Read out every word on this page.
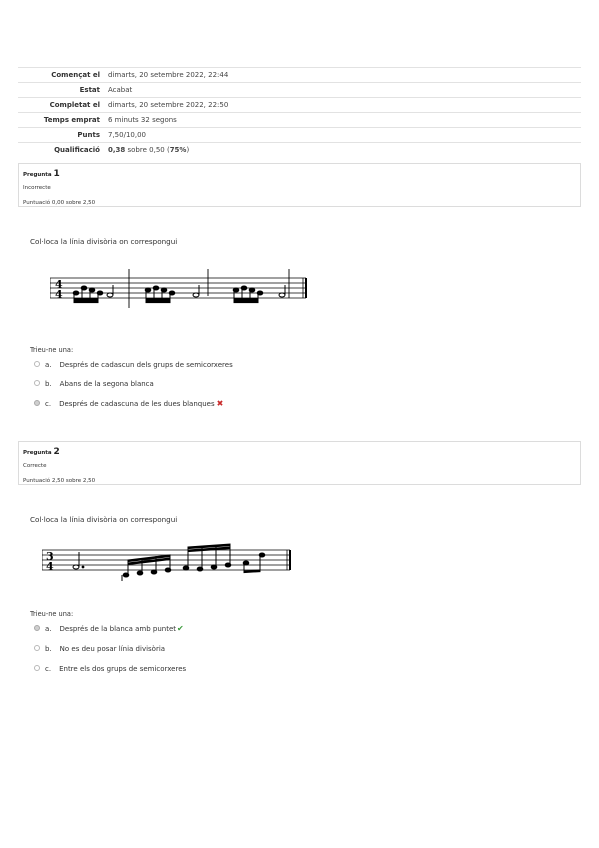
Començat el	dimarts, 20 setembre 2022, 22:44
Estat	Acabat
Completat el	dimarts, 20 setembre 2022, 22:50
Temps emprat	6 minuts 32 segons
Punts	7,50/10,00
Qualificació	0,38 sobre 0,50 (75%)
Pregunta 1
Incorrecte
Puntuació 0,00 sobre 2,50
Col·loca la línia divisòria on correspongui
4
4
Trieu-ne una:
a. Després de cadascun dels grups de semicorxeres
b. Abans de la segona blanca
c. Després de cadascuna de les dues blanques ✖
Pregunta 2
Correcte
Puntuació 2,50 sobre 2,50
Col·loca la línia divisòria on correspongui
3
4
Trieu-ne una:
a. Després de la blanca amb puntet✔
b. No es deu posar línia divisòria
c. Entre els dos grups de semicorxeres
